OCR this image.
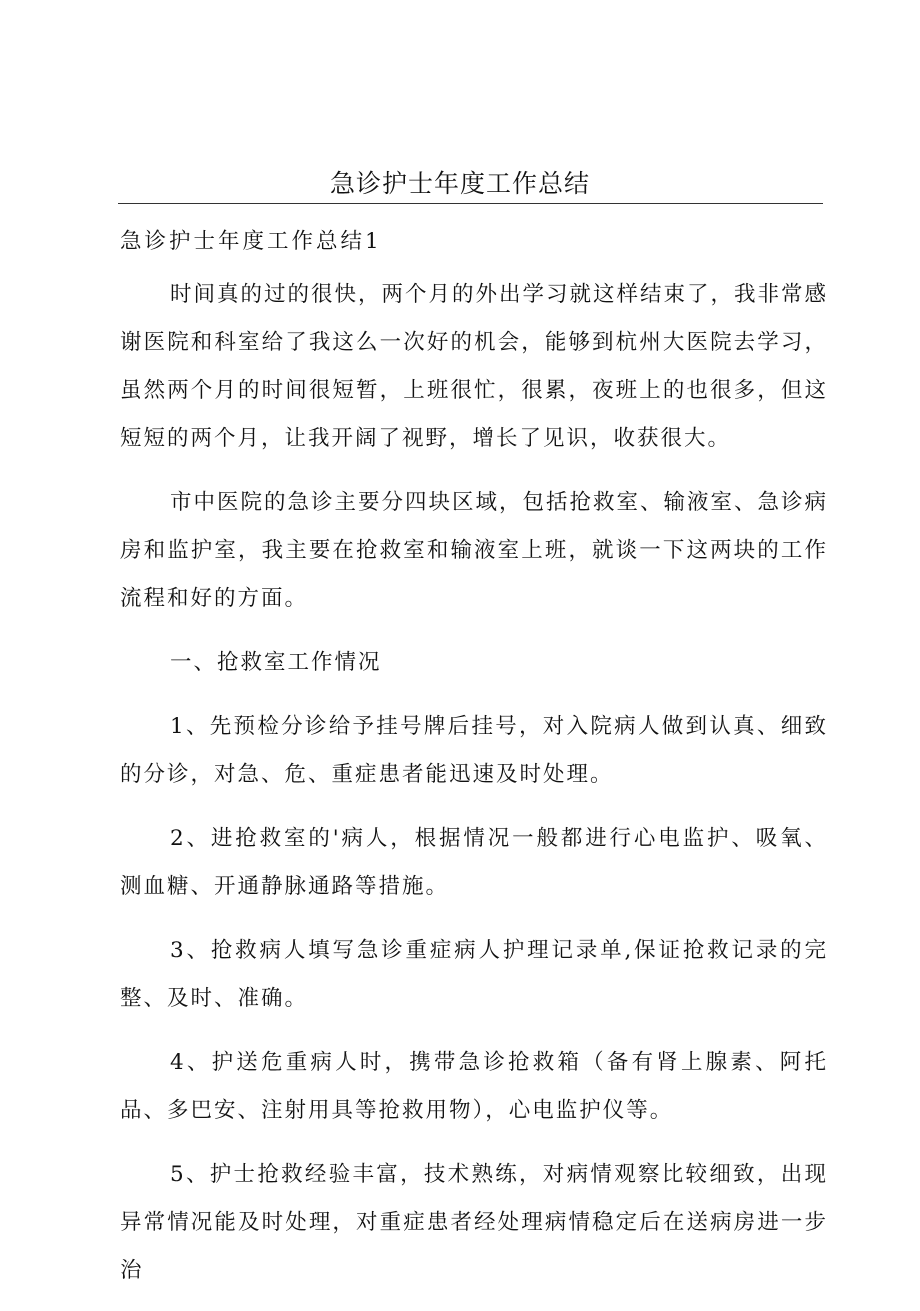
急诊护士年度工作总结
急诊护士年度工作总结1

时间真的过的很快，两个月的外出学习就这样结束了，我非常感谢医院和科室给了我这么一次好的机会，能够到杭州大医院去学习，虽然两个月的时间很短暂，上班很忙，很累，夜班上的也很多，但这短短的两个月，让我开阔了视野，增长了见识，收获很大。

市中医院的急诊主要分四块区域，包括抢救室、输液室、急诊病房和监护室，我主要在抢救室和输液室上班，就谈一下这两块的工作流程和好的方面。

一、抢救室工作情况

1、先预检分诊给予挂号牌后挂号，对入院病人做到认真、细致的分诊，对急、危、重症患者能迅速及时处理。

2、进抢救室的'病人，根据情况一般都进行心电监护、吸氧、测血糖、开通静脉通路等措施。

3、抢救病人填写急诊重症病人护理记录单,保证抢救记录的完整、及时、准确。

4、护送危重病人时，携带急诊抢救箱（备有肾上腺素、阿托品、多巴安、注射用具等抢救用物），心电监护仪等。

5、护士抢救经验丰富，技术熟练，对病情观察比较细致，出现异常情况能及时处理，对重症患者经处理病情稳定后在送病房进一步治
